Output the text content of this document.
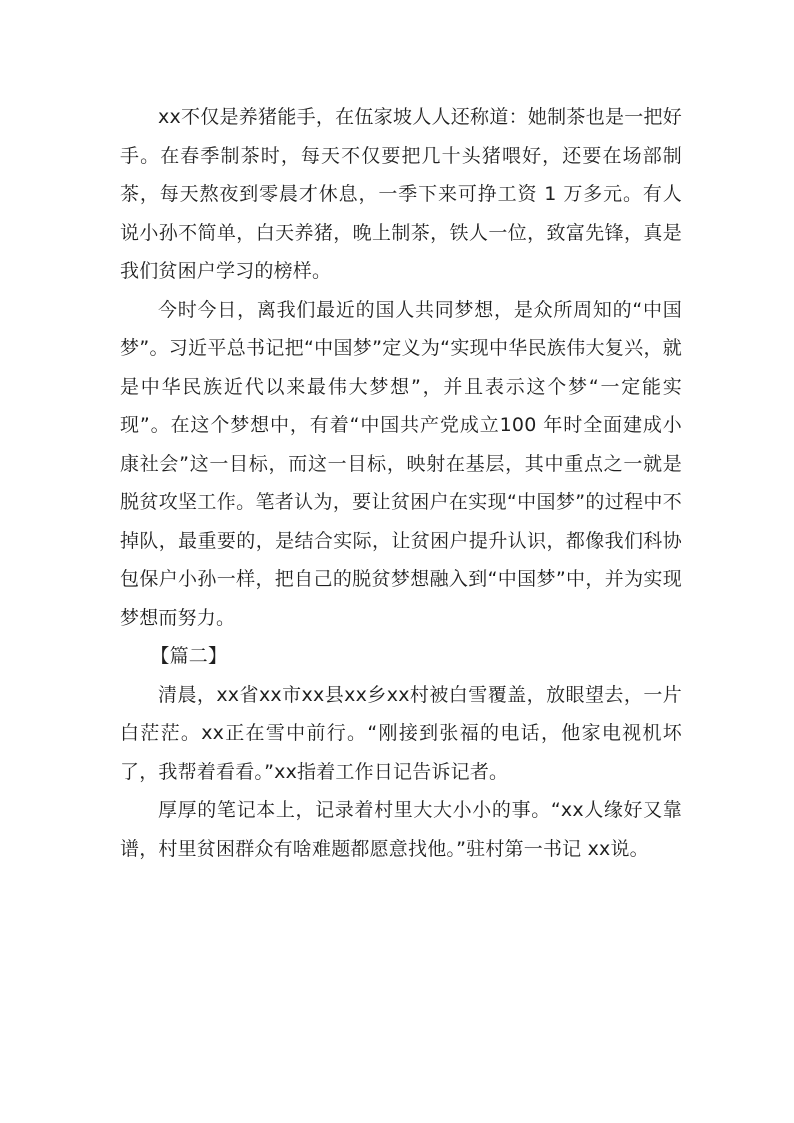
xx不仅是养猪能手，在伍家坡人人还称道：她制茶也是一把好手。在春季制茶时，每天不仅要把几十头猪喂好，还要在场部制茶，每天熬夜到零晨才休息，一季下来可挣工资 1 万多元。有人说小孙不简单，白天养猪，晚上制茶，铁人一位，致富先锋，真是我们贫困户学习的榜样。

今时今日，离我们最近的国人共同梦想，是众所周知的“中国梦”。习近平总书记把“中国梦”定义为“实现中华民族伟大复兴，就是中华民族近代以来最伟大梦想”，并且表示这个梦“一定能实现”。在这个梦想中，有着“中国共产党成立100 年时全面建成小康社会”这一目标，而这一目标，映射在基层，其中重点之一就是脱贫攻坚工作。笔者认为，要让贫困户在实现“中国梦”的过程中不掉队，最重要的，是结合实际，让贫困户提升认识，都像我们科协包保户小孙一样，把自己的脱贫梦想融入到“中国梦”中，并为实现梦想而努力。

【篇二】

清晨，xx省xx市xx县xx乡xx村被白雪覆盖，放眼望去，一片白茫茫。xx正在雪中前行。“刚接到张福的电话，他家电视机坏了，我帮着看看。”xx指着工作日记告诉记者。

厚厚的笔记本上，记录着村里大大小小的事。“xx人缘好又靠谱，村里贫困群众有啥难题都愿意找他。”驻村第一书记 xx说。
